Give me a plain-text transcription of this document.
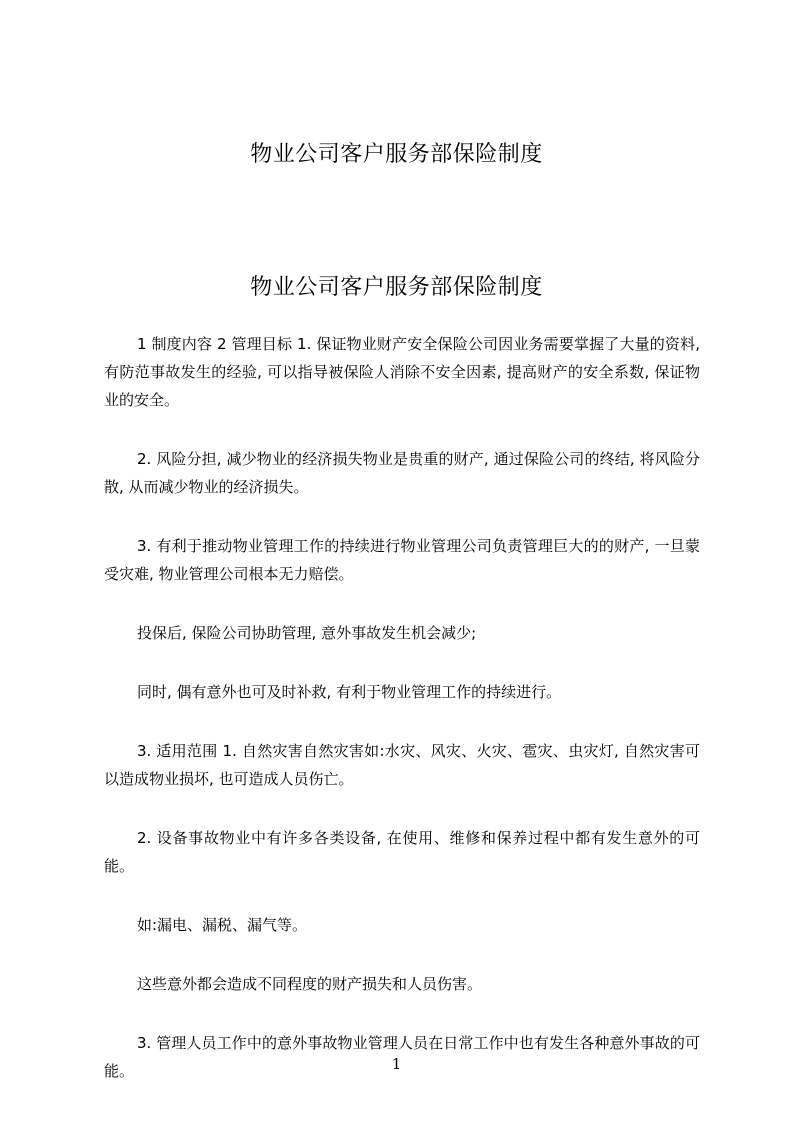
物业公司客户服务部保险制度
物业公司客户服务部保险制度

1 制度内容 2 管理目标 1. 保证物业财产安全保险公司因业务需要掌握了大量的资料, 有防范事故发生的经验, 可以指导被保险人消除不安全因素, 提高财产的安全系数, 保证物业的安全。

2. 风险分担, 减少物业的经济损失物业是贵重的财产, 通过保险公司的终结, 将风险分散, 从而减少物业的经济损失。

3. 有利于推动物业管理工作的持续进行物业管理公司负责管理巨大的的财产, 一旦蒙受灾难, 物业管理公司根本无力赔偿。

投保后, 保险公司协助管理, 意外事故发生机会减少;

同时, 偶有意外也可及时补救, 有利于物业管理工作的持续进行。

3. 适用范围 1. 自然灾害自然灾害如:水灾、风灾、火灾、雹灾、虫灾灯, 自然灾害可以造成物业损坏, 也可造成人员伤亡。

2. 设备事故物业中有许多各类设备, 在使用、维修和保养过程中都有发生意外的可能。

如:漏电、漏税、漏气等。

这些意外都会造成不同程度的财产损失和人员伤害。

3. 管理人员工作中的意外事故物业管理人员在日常工作中也有发生各种意外事故的可能。	1
